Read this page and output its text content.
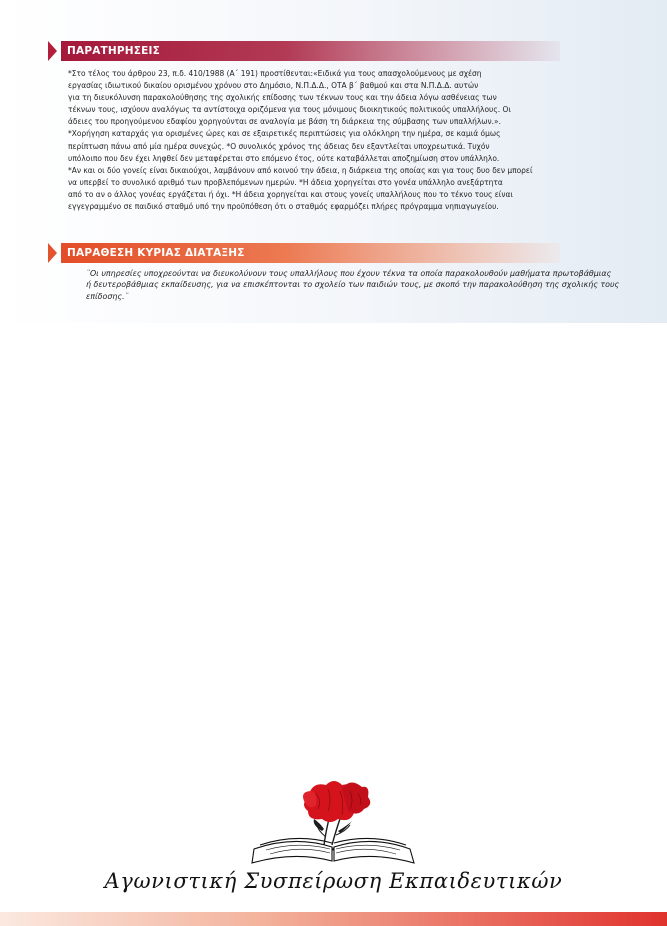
ΠΑΡΑΤΗΡΗΣΕΙΣ

*Στο τέλος του άρθρου 23, π.δ. 410/1988 (Α΄ 191) προστίθενται:«Ειδικά για τους απασχολούμενους με σχέση

εργασίας ιδιωτικού δικαίου ορισμένου χρόνου στο Δημόσιο, Ν.Π.Δ.Δ., ΟΤΑ β΄ βαθμού και στα Ν.Π.Δ.Δ. αυτών

για τη διευκόλυνση παρακολούθησης της σχολικής επίδοσης των τέκνων τους και την άδεια λόγω ασθένειας των

τέκνων τους, ισχύουν αναλόγως τα αντίστοιχα οριζόμενα για τους μόνιμους διοικητικούς πολιτικούς υπαλλήλους. Οι

άδειες του προηγούμενου εδαφίου χορηγούνται σε αναλογία με βάση τη διάρκεια της σύμβασης των υπαλλήλων.».

*Χορήγηση καταρχάς για ορισμένες ώρες και σε εξαιρετικές περιπτώσεις για ολόκληρη την ημέρα, σε καμιά όμως

περίπτωση πάνω από μία ημέρα συνεχώς. *Ο συνολικός χρόνος της άδειας δεν εξαντλείται υποχρεωτικά. Τυχόν

υπόλοιπο που δεν έχει ληφθεί δεν μεταφέρεται στο επόμενο έτος, ούτε καταβάλλεται αποζημίωση στον υπάλληλο.

*Αν και οι δύο γονείς είναι δικαιούχοι, λαμβάνουν από κοινού την άδεια, η διάρκεια της οποίας και για τους δυο δεν μπορεί

να υπερβεί το συνολικό αριθμό των προβλεπόμενων ημερών. *Η άδεια χορηγείται στο γονέα υπάλληλο ανεξάρτητα

από το αν ο άλλος γονέας εργάζεται ή όχι. *Η άδεια χορηγείται και στους γονείς υπαλλήλους που το τέκνο τους είναι

εγγεγραμμένο σε παιδικό σταθμό υπό την προϋπόθεση ότι ο σταθμός εφαρμόζει πλήρες πρόγραμμα νηπιαγωγείου.

ΠΑΡΑΘΕΣΗ ΚΥΡΙΑΣ ΔΙΑΤΑΞΗΣ
¨Οι υπηρεσίες υποχρεούνται να διευκολύνουν τους υπαλλήλους που έχουν τέκνα τα οποία παρακολουθούν μαθήματα πρωτοβάθμιας
ή δευτεροβάθμιας εκπαίδευσης, για να επισκέπτονται το σχολείο των παιδιών τους, με σκοπό την παρακολούθηση της σχολικής τους
επίδοσης.¨
Αγωνιστική Συσπείρωση Εκπαιδευτικών
